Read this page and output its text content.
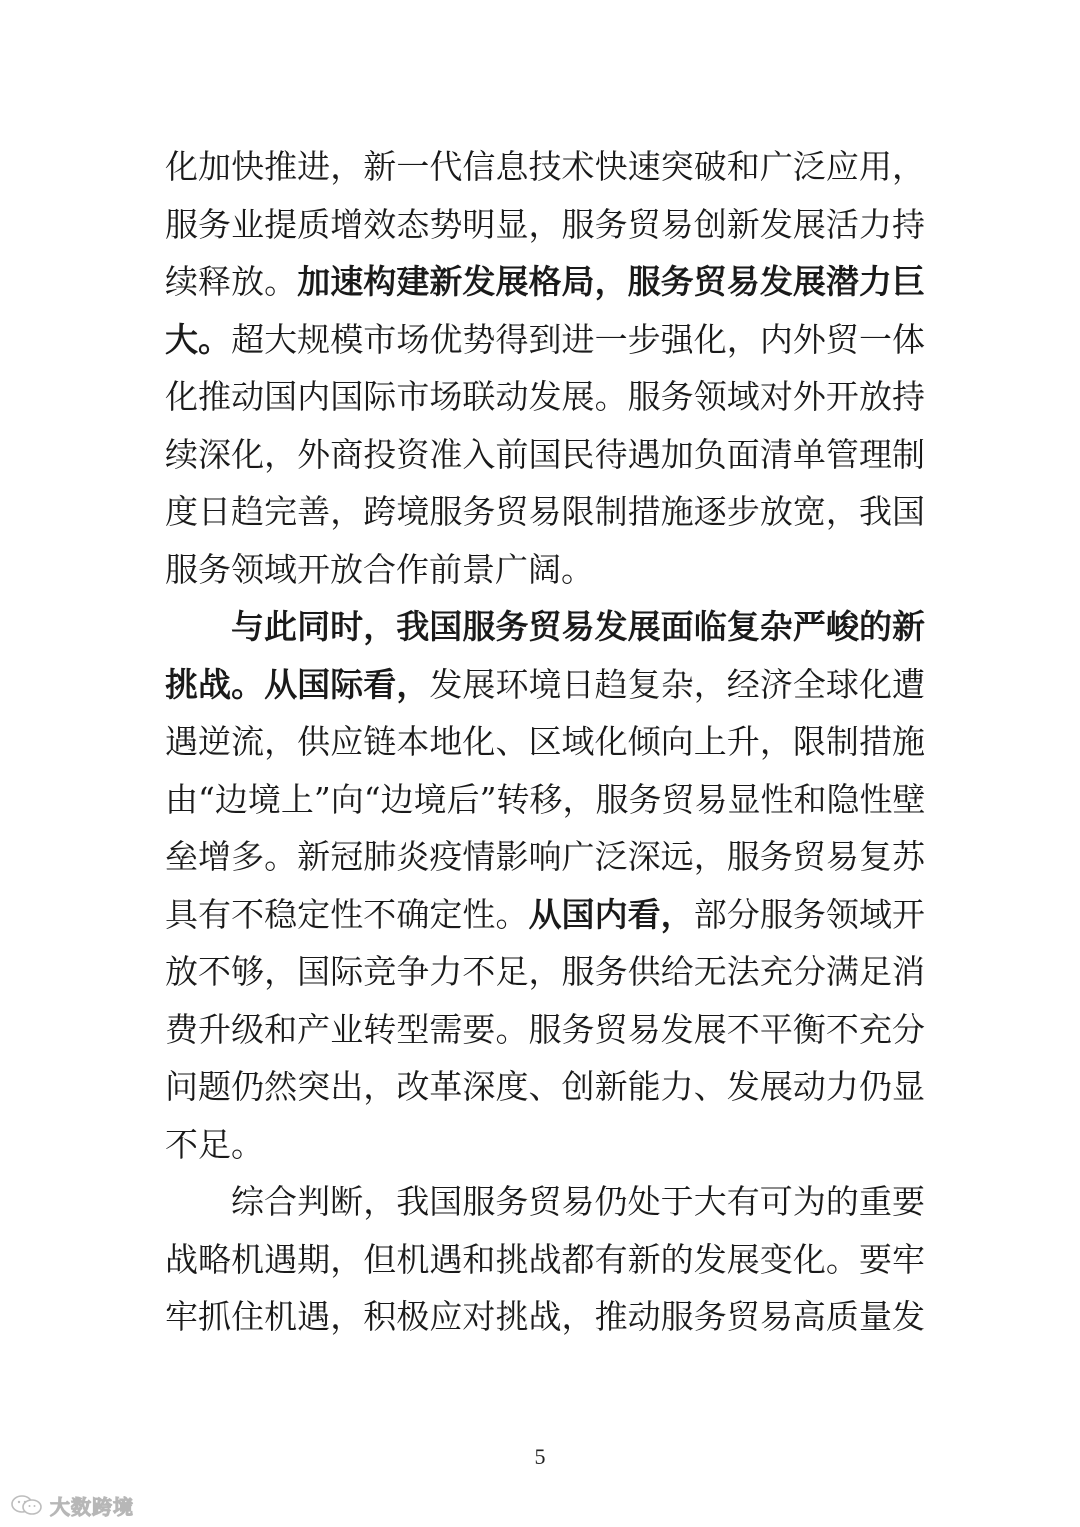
化加快推进，新一代信息技术快速突破和广泛应用，
服务业提质增效态势明显，服务贸易创新发展活力持
续释放。加速构建新发展格局，服务贸易发展潜力巨
大。超大规模市场优势得到进一步强化，内外贸一体
化推动国内国际市场联动发展。服务领域对外开放持
续深化，外商投资准入前国民待遇加负面清单管理制
度日趋完善，跨境服务贸易限制措施逐步放宽，我国
服务领域开放合作前景广阔。
与此同时，我国服务贸易发展面临复杂严峻的新
挑战。从国际看，发展环境日趋复杂，经济全球化遭
遇逆流，供应链本地化、区域化倾向上升，限制措施
由“边境上”向“边境后”转移，服务贸易显性和隐性壁
垒增多。新冠肺炎疫情影响广泛深远，服务贸易复苏
具有不稳定性不确定性。从国内看，部分服务领域开
放不够，国际竞争力不足，服务供给无法充分满足消
费升级和产业转型需要。服务贸易发展不平衡不充分
问题仍然突出，改革深度、创新能力、发展动力仍显
不足。
综合判断，我国服务贸易仍处于大有可为的重要
战略机遇期，但机遇和挑战都有新的发展变化。要牢
牢抓住机遇，积极应对挑战，推动服务贸易高质量发
5
大数跨境
